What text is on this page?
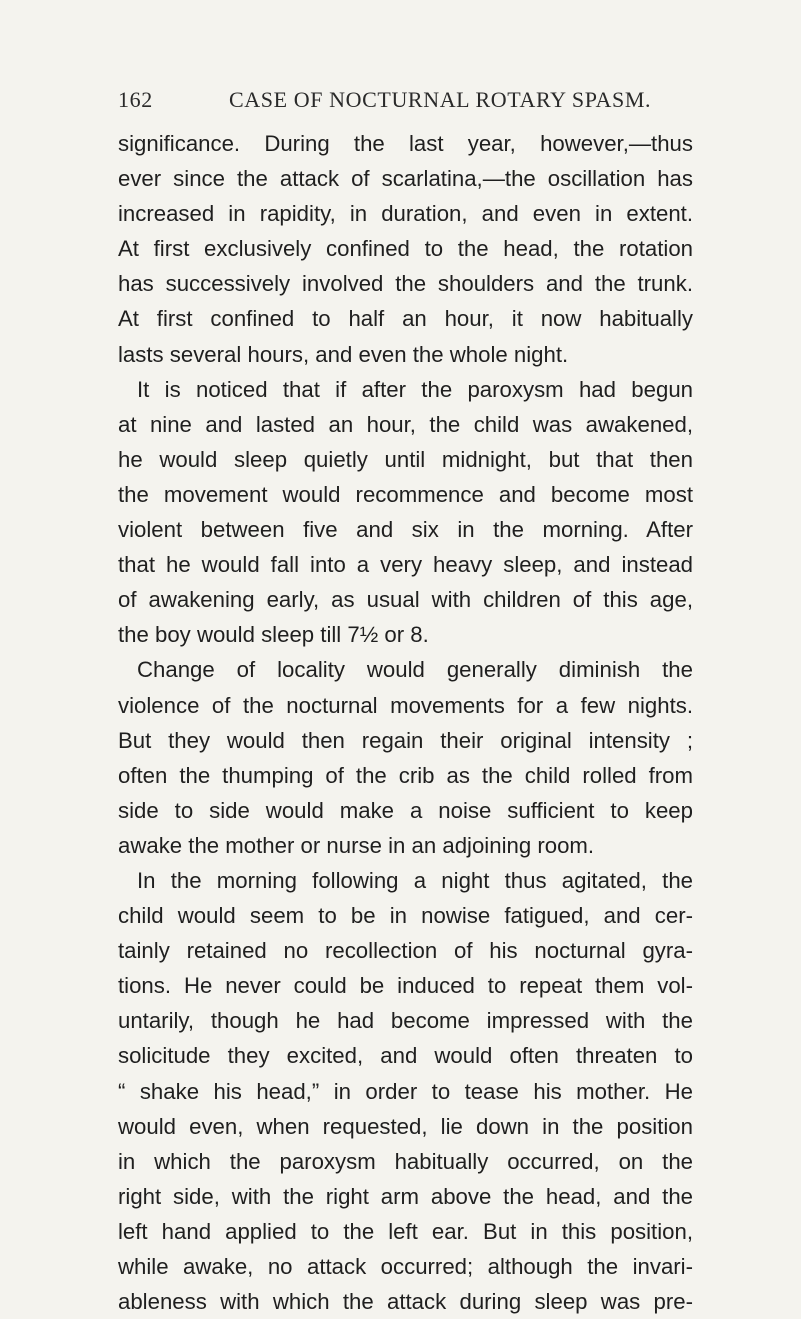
162	CASE OF NOCTURNAL ROTARY SPASM.
significance. During the last year, however,—thus
ever since the attack of scarlatina,—the oscillation has
increased in rapidity, in duration, and even in extent.
At first exclusively confined to the head, the rotation
has successively involved the shoulders and the trunk.
At first confined to half an hour, it now habitually
lasts several hours, and even the whole night.
It is noticed that if after the paroxysm had begun
at nine and lasted an hour, the child was awakened,
he would sleep quietly until midnight, but that then
the movement would recommence and become most
violent between five and six in the morning. After
that he would fall into a very heavy sleep, and instead
of awakening early, as usual with children of this age,
the boy would sleep till 7½ or 8.
Change of locality would generally diminish the
violence of the nocturnal movements for a few nights.
But they would then regain their original intensity ;
often the thumping of the crib as the child rolled from
side to side would make a noise sufficient to keep
awake the mother or nurse in an adjoining room.
In the morning following a night thus agitated, the
child would seem to be in nowise fatigued, and cer-
tainly retained no recollection of his nocturnal gyra-
tions. He never could be induced to repeat them vol-
untarily, though he had become impressed with the
solicitude they excited, and would often threaten to
“ shake his head,” in order to tease his mother. He
would even, when requested, lie down in the position
in which the paroxysm habitually occurred, on the
right side, with the right arm above the head, and the
left hand applied to the left ear. But in this position,
while awake, no attack occurred; although the invari-
ableness with which the attack during sleep was pre-
